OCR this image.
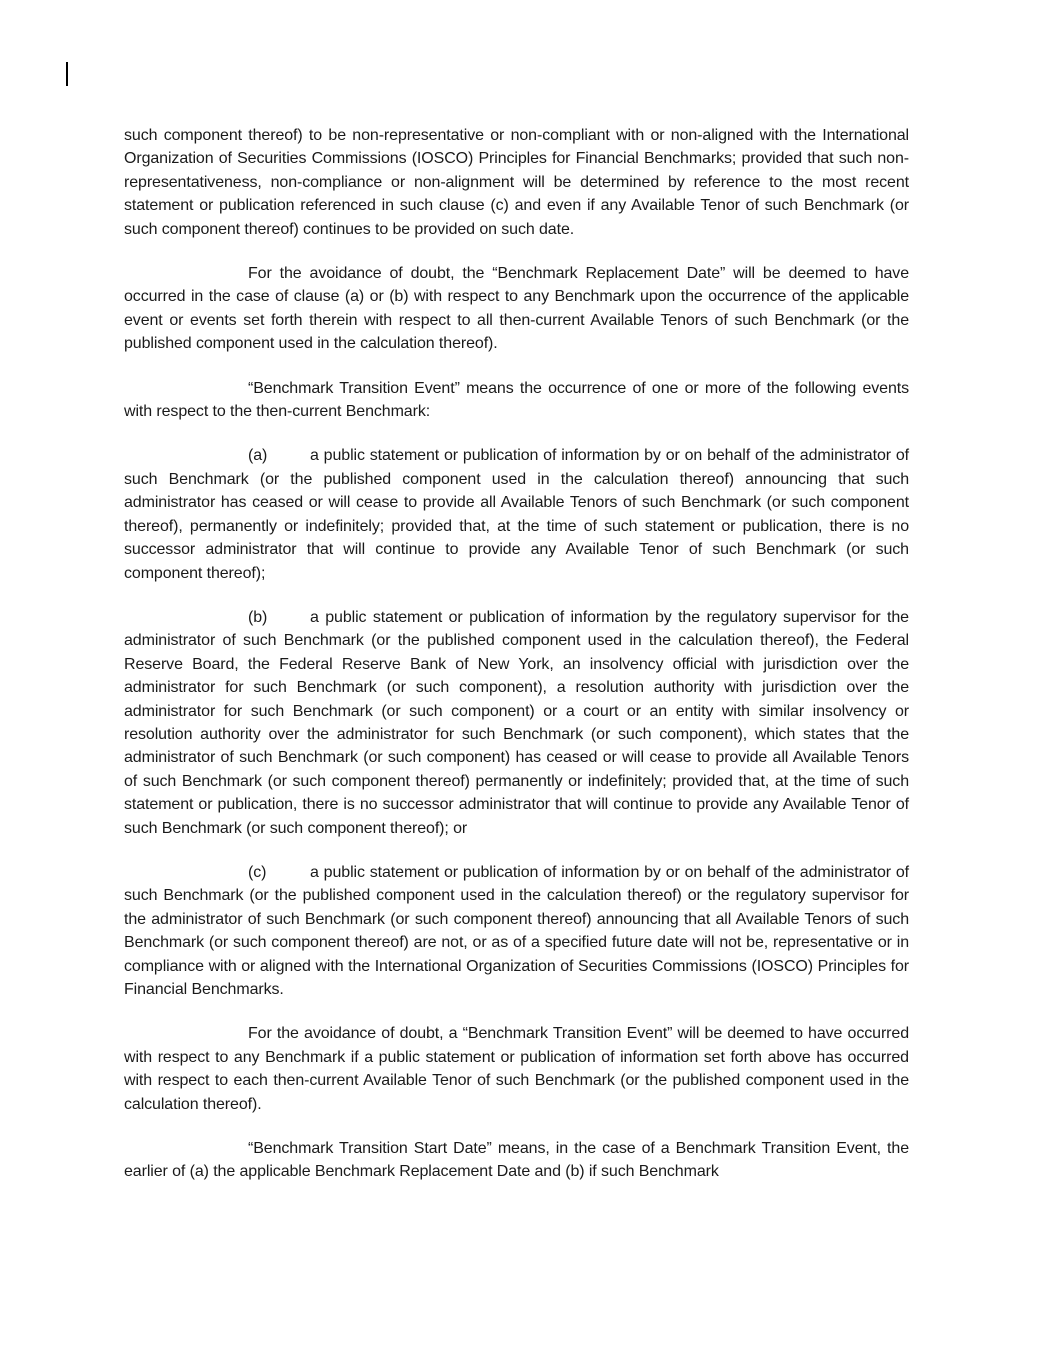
such component thereof) to be non-representative or non-compliant with or non-aligned with the International Organization of Securities Commissions (IOSCO) Principles for Financial Benchmarks; provided that such non-representativeness, non-compliance or non-alignment will be determined by reference to the most recent statement or publication referenced in such clause (c) and even if any Available Tenor of such Benchmark (or such component thereof) continues to be provided on such date.

For the avoidance of doubt, the “Benchmark Replacement Date” will be deemed to have occurred in the case of clause (a) or (b) with respect to any Benchmark upon the occurrence of the applicable event or events set forth therein with respect to all then-current Available Tenors of such Benchmark (or the published component used in the calculation thereof).

“Benchmark Transition Event” means the occurrence of one or more of the following events with respect to the then-current Benchmark:

(a)	a public statement or publication of information by or on behalf of the administrator of such Benchmark (or the published component used in the calculation thereof) announcing that such administrator has ceased or will cease to provide all Available Tenors of such Benchmark (or such component thereof), permanently or indefinitely; provided that, at the time of such statement or publication, there is no successor administrator that will continue to provide any Available Tenor of such Benchmark (or such component thereof);

(b)	a public statement or publication of information by the regulatory supervisor for the administrator of such Benchmark (or the published component used in the calculation thereof), the Federal Reserve Board, the Federal Reserve Bank of New York, an insolvency official with jurisdiction over the administrator for such Benchmark (or such component), a resolution authority with jurisdiction over the administrator for such Benchmark (or such component) or a court or an entity with similar insolvency or resolution authority over the administrator for such Benchmark (or such component), which states that the administrator of such Benchmark (or such component) has ceased or will cease to provide all Available Tenors of such Benchmark (or such component thereof) permanently or indefinitely; provided that, at the time of such statement or publication, there is no successor administrator that will continue to provide any Available Tenor of such Benchmark (or such component thereof); or

(c)	a public statement or publication of information by or on behalf of the administrator of such Benchmark (or the published component used in the calculation thereof) or the regulatory supervisor for the administrator of such Benchmark (or such component thereof) announcing that all Available Tenors of such Benchmark (or such component thereof) are not, or as of a specified future date will not be, representative or in compliance with or aligned with the International Organization of Securities Commissions (IOSCO) Principles for Financial Benchmarks.

For the avoidance of doubt, a “Benchmark Transition Event” will be deemed to have occurred with respect to any Benchmark if a public statement or publication of information set forth above has occurred with respect to each then-current Available Tenor of such Benchmark (or the published component used in the calculation thereof).

“Benchmark Transition Start Date” means, in the case of a Benchmark Transition Event, the earlier of (a) the applicable Benchmark Replacement Date and (b) if such Benchmark
